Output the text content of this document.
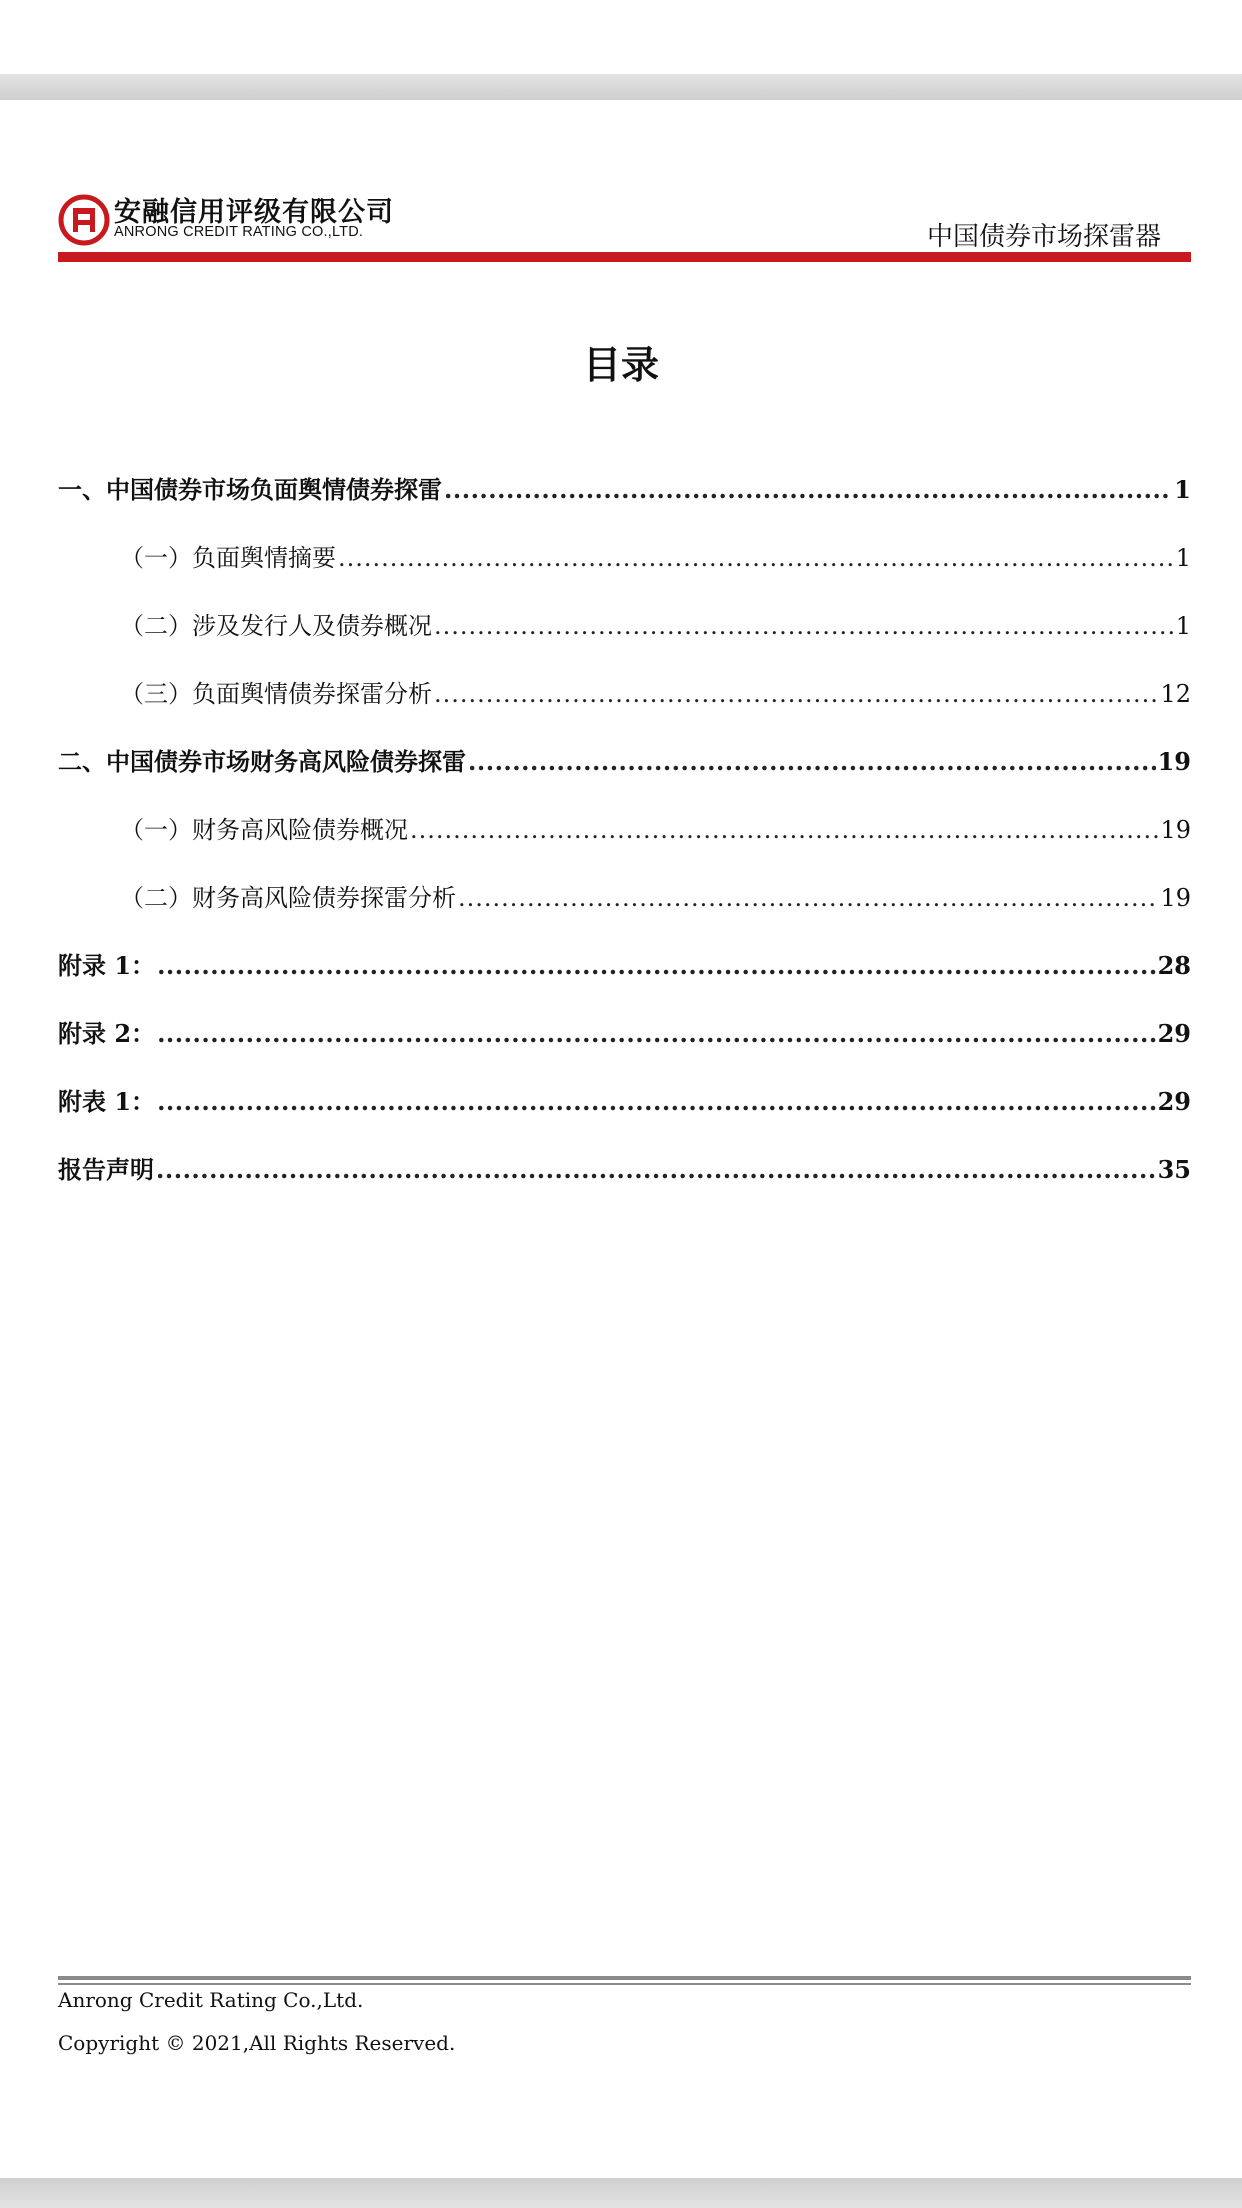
安融信用评级有限公司
ANRONG CREDIT RATING CO.,LTD.	中国债券市场探雷器
目录
一、中国债券市场负面舆情债券探雷 .....	1
（一）负面舆情摘要 .....	1
（二）涉及发行人及债券概况 .....	1
（三）负面舆情债券探雷分析 .....	12
二、中国债券市场财务高风险债券探雷 .....	19
（一）财务高风险债券概况 .....	19
（二）财务高风险债券探雷分析 .....	19
附录 1： .....	28
附录 2： .....	29
附表 1： .....	29
报告声明 .....	35
Anrong Credit Rating Co.,Ltd.
Copyright © 2021,All Rights Reserved.
